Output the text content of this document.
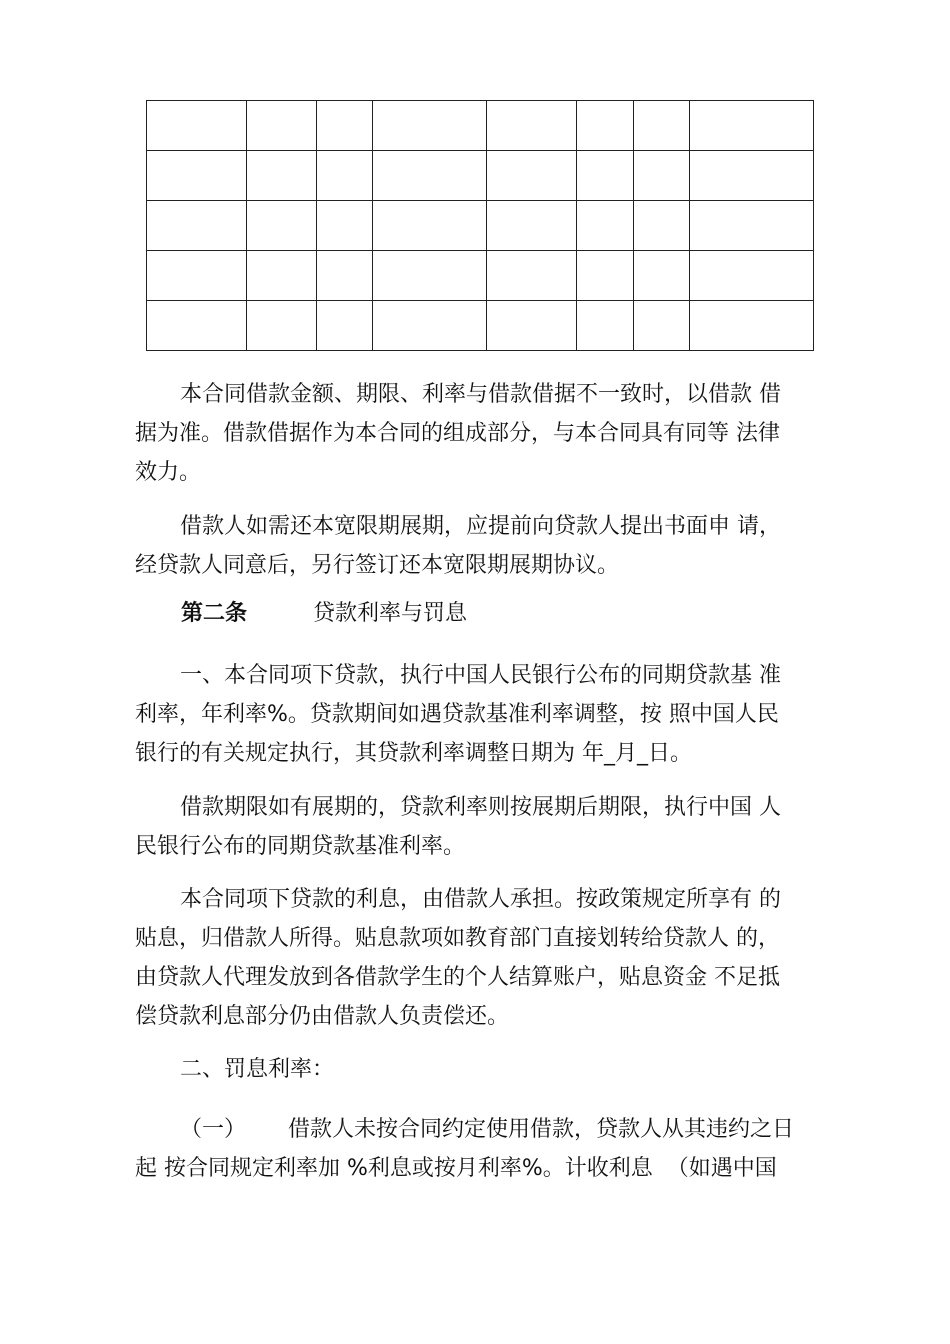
本合同借款金额、期限、利率与借款借据不一致时，以借款 借
据为准。借款借据作为本合同的组成部分，与本合同具有同等 法律
效力。

借款人如需还本宽限期展期，应提前向贷款人提出书面申 请，
经贷款人同意后，另行签订还本宽限期展期协议。

第二条	贷款利率与罚息

一、本合同项下贷款，执行中国人民银行公布的同期贷款基 准
利率，年利率%。贷款期间如遇贷款基准利率调整，按 照中国人民
银行的有关规定执行，其贷款利率调整日期为 年_月_日。

借款期限如有展期的，贷款利率则按展期后期限，执行中国 人
民银行公布的同期贷款基准利率。

本合同项下贷款的利息，由借款人承担。按政策规定所享有 的
贴息，归借款人所得。贴息款项如教育部门直接划转给贷款人 的，
由贷款人代理发放到各借款学生的个人结算账户，贴息资金 不足抵
偿贷款利息部分仍由借款人负责偿还。

二、罚息利率：

（一）      借款人未按合同约定使用借款，贷款人从其违约之日
起 按合同规定利率加 %利息或按月利率%。计收利息  （如遇中国
